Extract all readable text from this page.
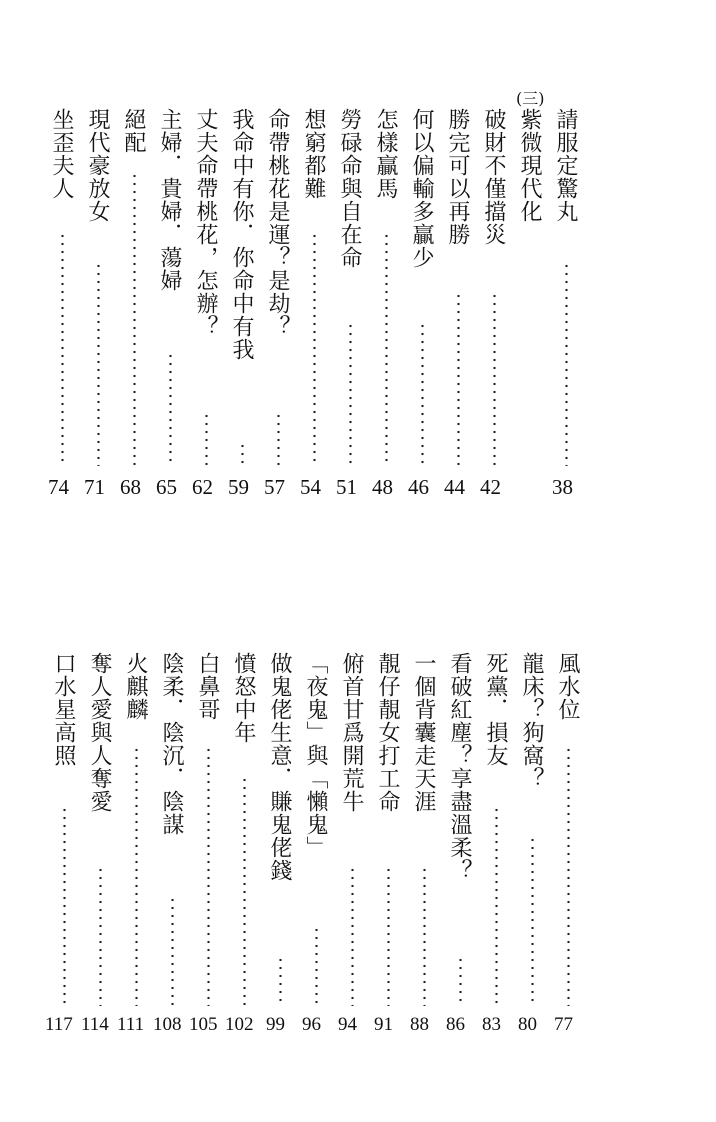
請服定驚丸
38
紫微現代化
破財不僅擋災
42
勝完可以再勝
44
何以偏輸多贏少
46
怎樣贏馬
48
勞碌命與自在命
51
想窮都難
54
命帶桃花是運？是劫？
57
我命中有你．你命中有我
59
丈夫命帶桃花，怎辦？
62
主婦．貴婦．蕩婦
65
絕配
68
現代豪放女
71
坐歪夫人
74
(三)
風水位
77
龍床？狗窩？
80
死黨．損友
83
看破紅塵？享盡溫柔？
86
一個背囊走天涯
88
靚仔靚女打工命
91
俯首甘爲開荒牛
94
「夜鬼」與「懶鬼」
96
做鬼佬生意．賺鬼佬錢
99
憤怒中年
102
白鼻哥
105
陰柔．陰沉．陰謀
108
火麒麟
111
奪人愛與人奪愛
114
口水星高照
117
